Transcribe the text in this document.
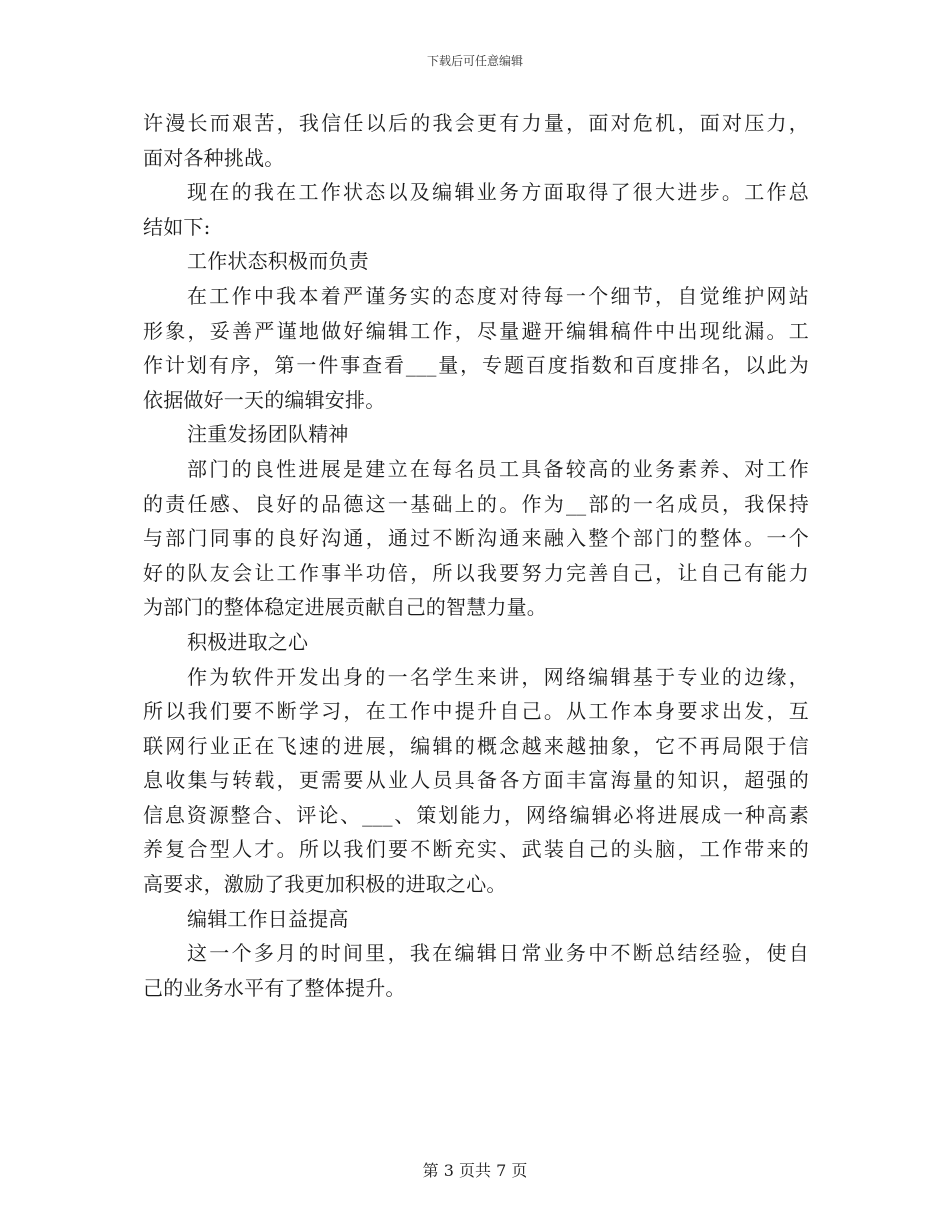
下载后可任意编辑
许漫长而艰苦，我信任以后的我会更有力量，面对危机，面对压力，
面对各种挑战。
现在的我在工作状态以及编辑业务方面取得了很大进步。工作总
结如下:
工作状态积极而负责
在工作中我本着严谨务实的态度对待每一个细节，自觉维护网站
形象，妥善严谨地做好编辑工作，尽量避开编辑稿件中出现纰漏。工
作计划有序，第一件事查看___量，专题百度指数和百度排名，以此为
依据做好一天的编辑安排。
注重发扬团队精神
部门的良性进展是建立在每名员工具备较高的业务素养、对工作
的责任感、良好的品德这一基础上的。作为__部的一名成员，我保持
与部门同事的良好沟通，通过不断沟通来融入整个部门的整体。一个
好的队友会让工作事半功倍，所以我要努力完善自己，让自己有能力
为部门的整体稳定进展贡献自己的智慧力量。
积极进取之心
作为软件开发出身的一名学生来讲，网络编辑基于专业的边缘，
所以我们要不断学习，在工作中提升自己。从工作本身要求出发，互
联网行业正在飞速的进展，编辑的概念越来越抽象，它不再局限于信
息收集与转载，更需要从业人员具备各方面丰富海量的知识，超强的
信息资源整合、评论、___、策划能力，网络编辑必将进展成一种高素
养复合型人才。所以我们要不断充实、武装自己的头脑，工作带来的
高要求，激励了我更加积极的进取之心。
编辑工作日益提高
这一个多月的时间里，我在编辑日常业务中不断总结经验，使自
己的业务水平有了整体提升。
第 3 页共 7 页
